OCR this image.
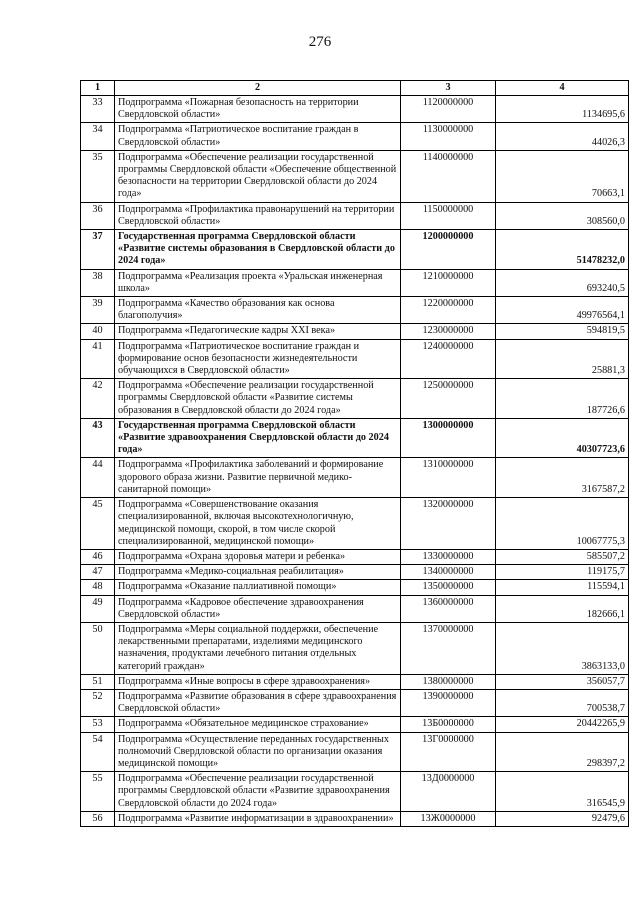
276
1	2	3	4
33	Подпрограмма «Пожарная безопасность на территории Свердловской области»	1120000000	1134695,6
34	Подпрограмма «Патриотическое воспитание граждан в Свердловской области»	1130000000	44026,3
35	Подпрограмма «Обеспечение реализации государственной программы Свердловской области «Обеспечение общественной безопасности на территории Свердловской области до 2024 года»	1140000000	70663,1
36	Подпрограмма «Профилактика правонарушений на территории Свердловской области»	1150000000	308560,0
37	Государственная программа Свердловской области «Развитие системы образования в Свердловской области до 2024 года»	1200000000	51478232,0
38	Подпрограмма «Реализация проекта «Уральская инженерная школа»	1210000000	693240,5
39	Подпрограмма «Качество образования как основа благополучия»	1220000000	49976564,1
40	Подпрограмма «Педагогические кадры XXI века»	1230000000	594819,5
41	Подпрограмма «Патриотическое воспитание граждан и формирование основ безопасности жизнедеятельности обучающихся в Свердловской области»	1240000000	25881,3
42	Подпрограмма «Обеспечение реализации государственной программы Свердловской области «Развитие системы образования в Свердловской области до 2024 года»	1250000000	187726,6
43	Государственная программа Свердловской области «Развитие здравоохранения Свердловской области до 2024 года»	1300000000	40307723,6
44	Подпрограмма «Профилактика заболеваний и формирование здорового образа жизни. Развитие первичной медико-санитарной помощи»	1310000000	3167587,2
45	Подпрограмма «Совершенствование оказания специализированной, включая высокотехнологичную, медицинской помощи, скорой, в том числе скорой специализированной, медицинской помощи»	1320000000	10067775,3
46	Подпрограмма «Охрана здоровья матери и ребенка»	1330000000	585507,2
47	Подпрограмма «Медико-социальная реабилитация»	1340000000	119175,7
48	Подпрограмма «Оказание паллиативной помощи»	1350000000	115594,1
49	Подпрограмма «Кадровое обеспечение здравоохранения Свердловской области»	1360000000	182666,1
50	Подпрограмма «Меры социальной поддержки, обеспечение лекарственными препаратами, изделиями медицинского назначения, продуктами лечебного питания отдельных категорий граждан»	1370000000	3863133,0
51	Подпрограмма «Иные вопросы в сфере здравоохранения»	1380000000	356057,7
52	Подпрограмма «Развитие образования в сфере здравоохранения Свердловской области»	1390000000	700538,7
53	Подпрограмма «Обязательное медицинское страхование»	13Б0000000	20442265,9
54	Подпрограмма «Осуществление переданных государственных полномочий Свердловской области по организации оказания медицинской помощи»	13Г0000000	298397,2
55	Подпрограмма «Обеспечение реализации государственной программы Свердловской области «Развитие здравоохранения Свердловской области до 2024 года»	13Д0000000	316545,9
56	Подпрограмма «Развитие информатизации в здравоохранении»	13Ж0000000	92479,6
